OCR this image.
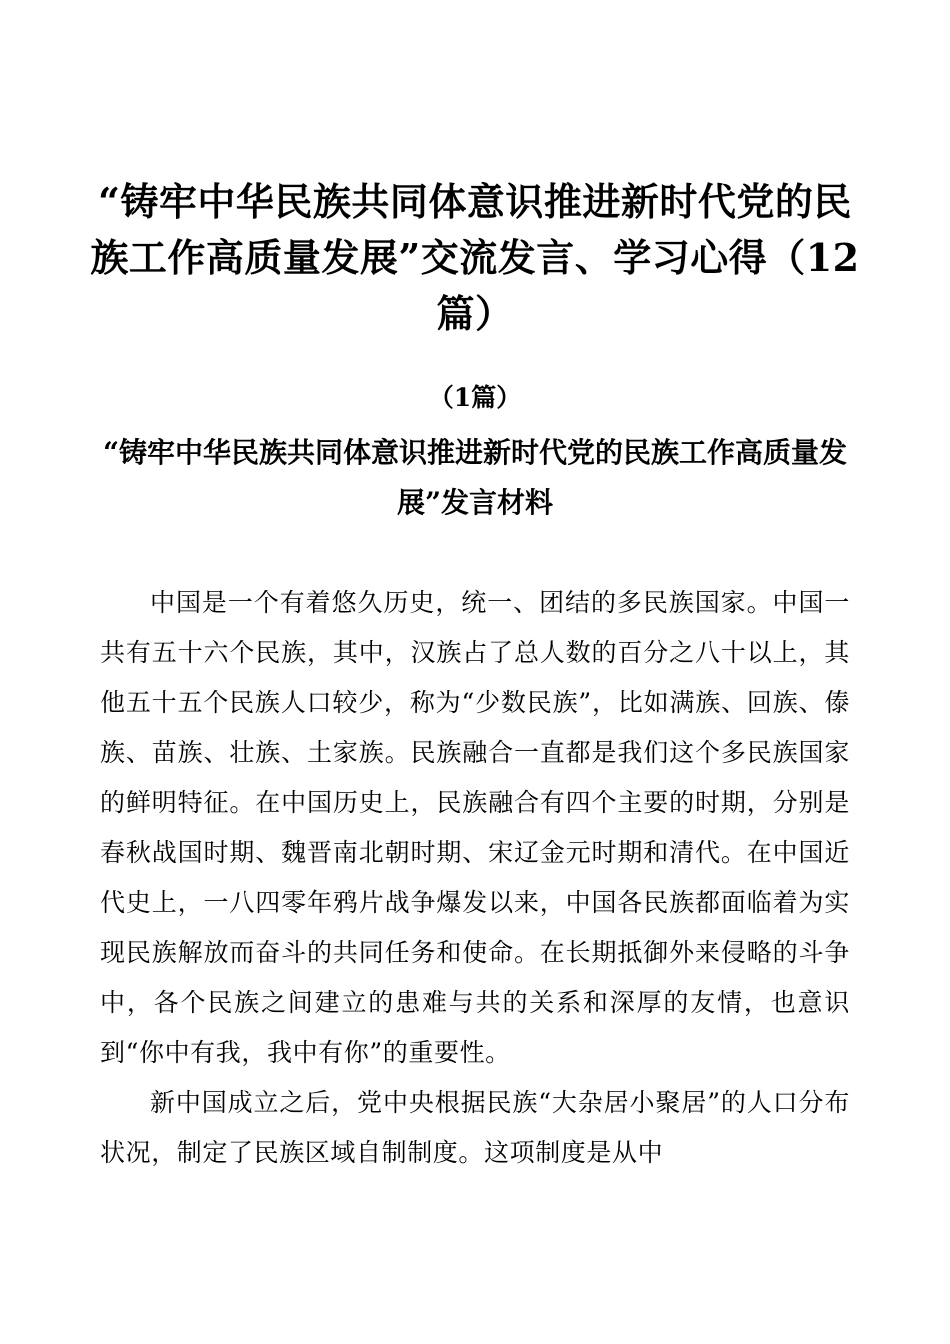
“铸牢中华民族共同体意识推进新时代党的民族工作高质量发展”交流发言、学习心得（12篇）
（1篇）
“铸牢中华民族共同体意识推进新时代党的民族工作高质量发展”发言材料

中国是一个有着悠久历史，统一、团结的多民族国家。中国一共有五十六个民族，其中，汉族占了总人数的百分之八十以上，其他五十五个民族人口较少，称为“少数民族”，比如满族、回族、傣族、苗族、壮族、土家族。民族融合一直都是我们这个多民族国家的鲜明特征。在中国历史上，民族融合有四个主要的时期，分别是春秋战国时期、魏晋南北朝时期、宋辽金元时期和清代。在中国近代史上，一八四零年鸦片战争爆发以来，中国各民族都面临着为实现民族解放而奋斗的共同任务和使命。在长期抵御外来侵略的斗争中，各个民族之间建立的患难与共的关系和深厚的友情，也意识到“你中有我，我中有你”的重要性。

新中国成立之后，党中央根据民族“大杂居小聚居”的人口分布状况，制定了民族区域自制制度。这项制度是从中
